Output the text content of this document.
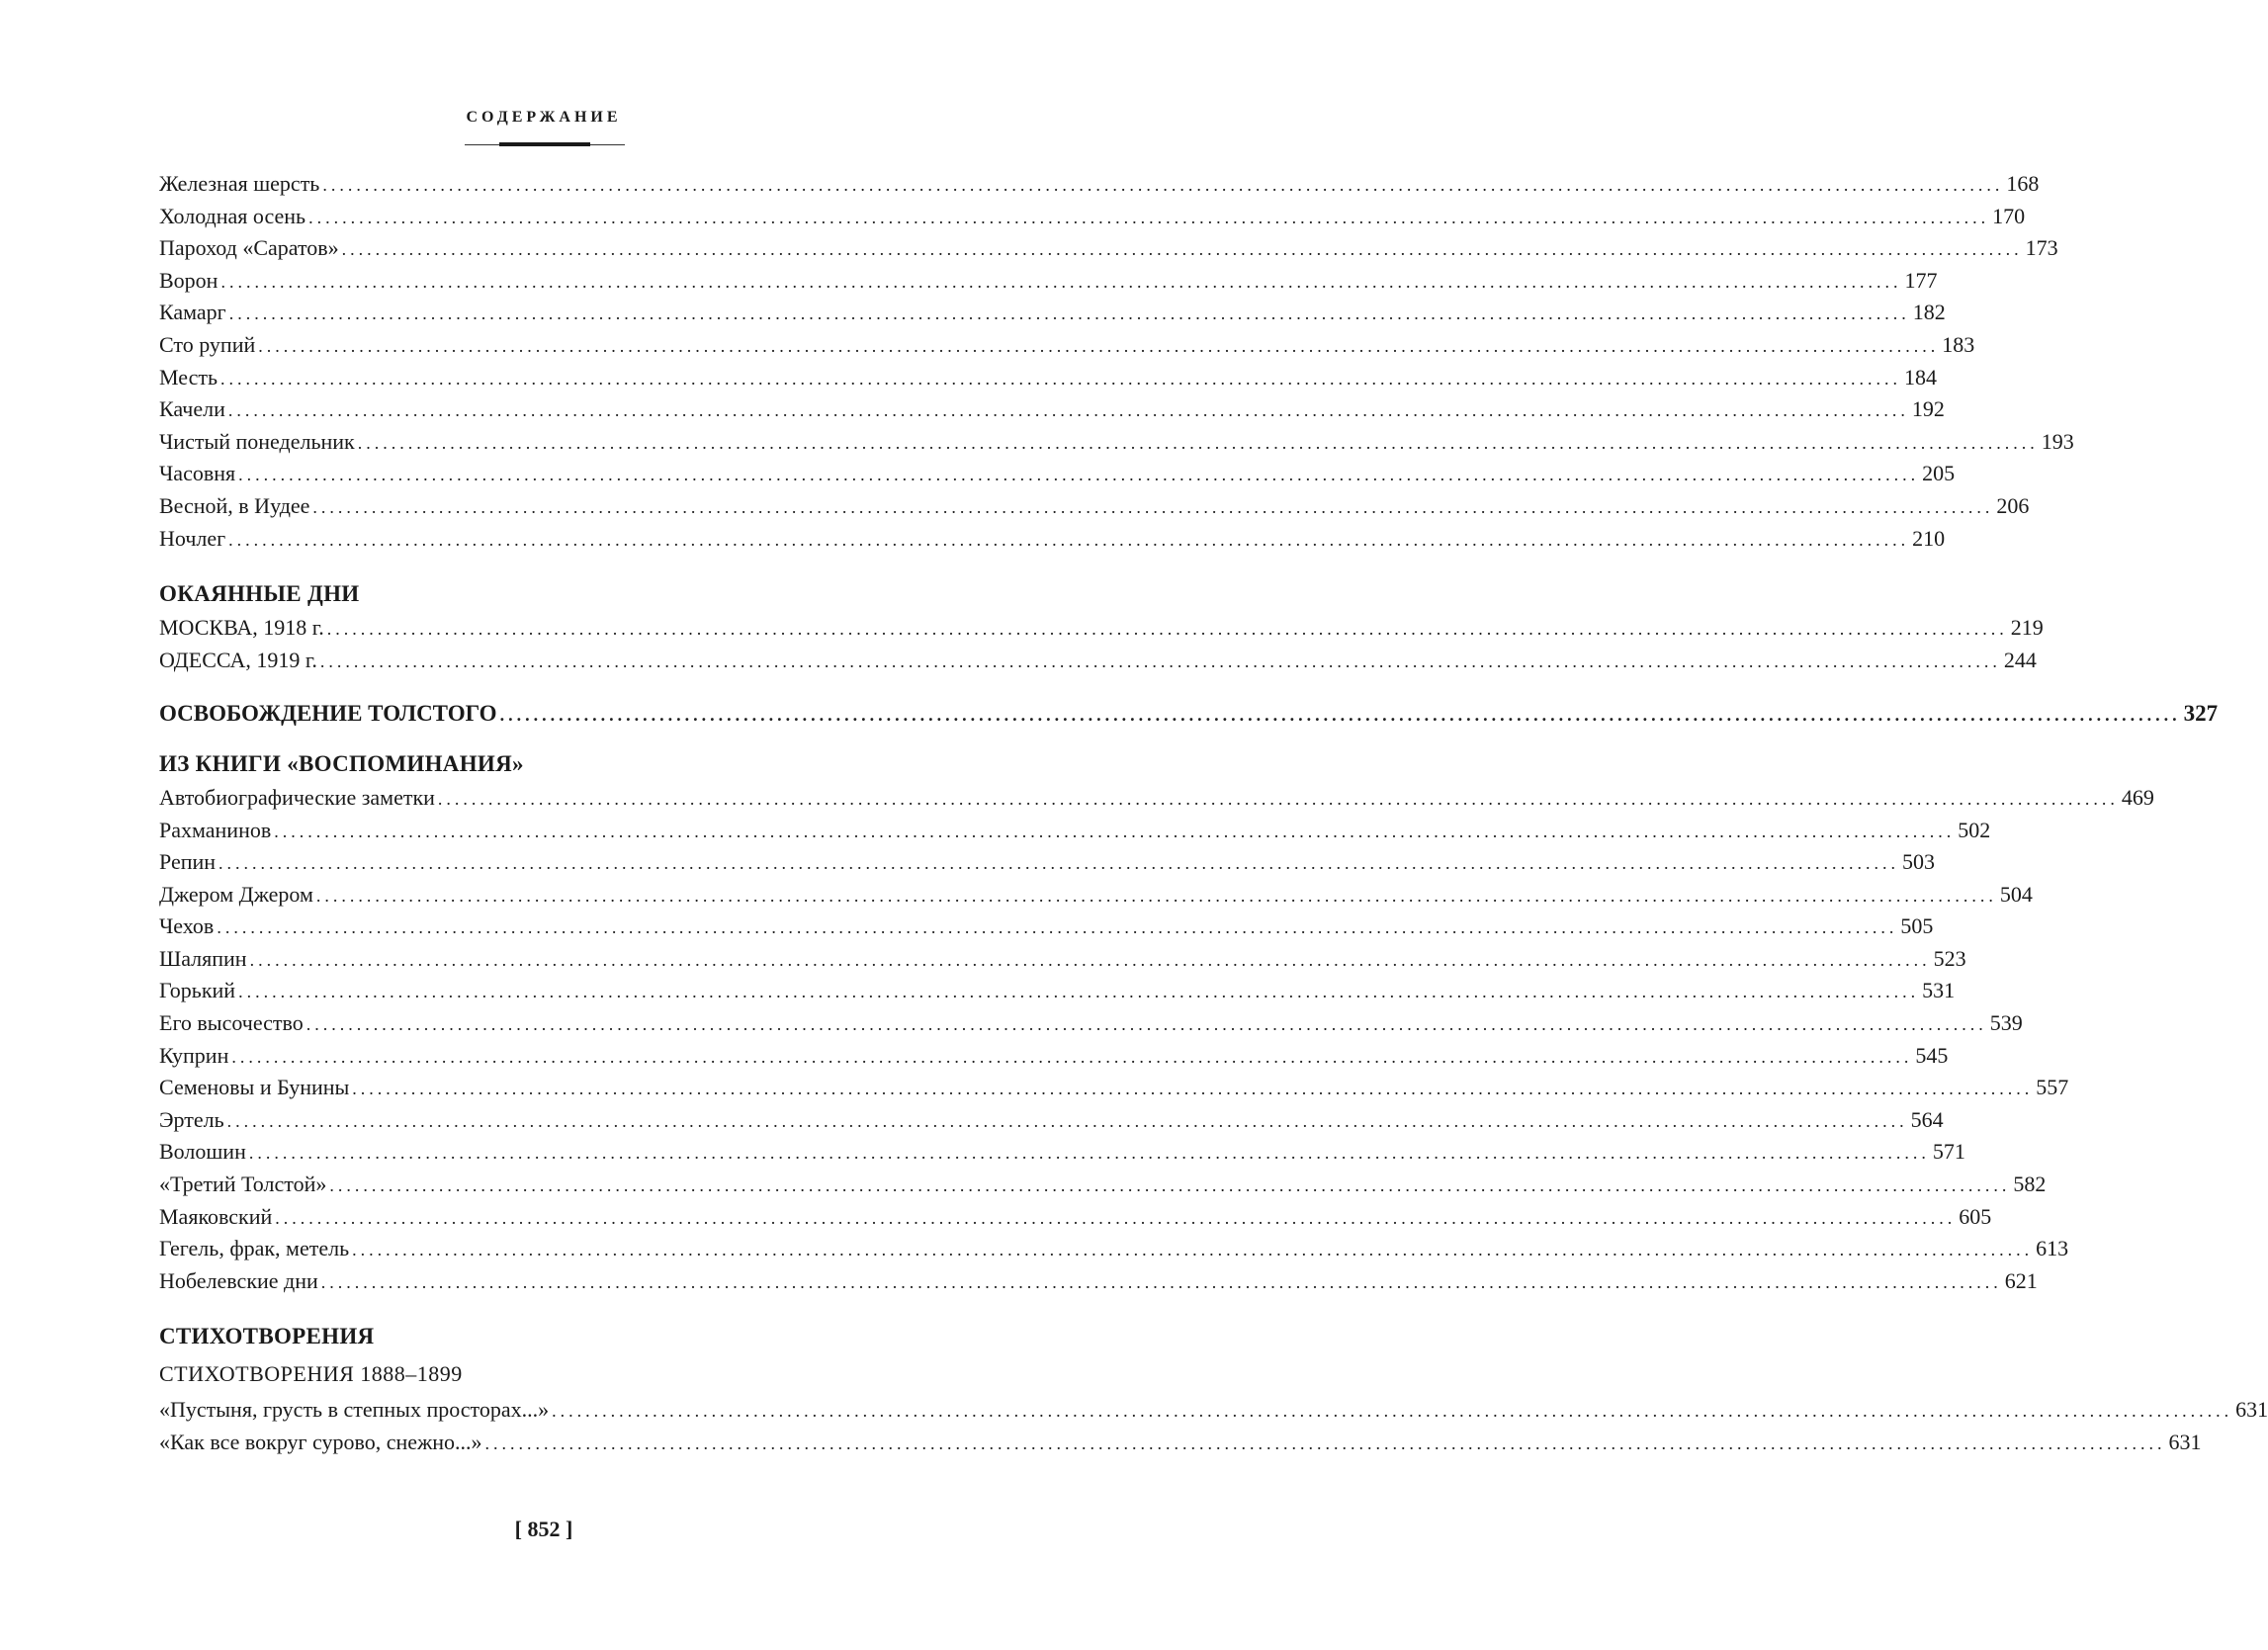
СОДЕРЖАНИЕ
Железная шерсть ........................................................................................................................................................................................................ 168
Холодная осень ........................................................................................................................................................................................................ 170
Пароход «Саратов» ........................................................................................................................................................................................................ 173
Ворон ........................................................................................................................................................................................................ 177
Камарг ........................................................................................................................................................................................................ 182
Сто рупий ........................................................................................................................................................................................................ 183
Месть ........................................................................................................................................................................................................ 184
Качели ........................................................................................................................................................................................................ 192
Чистый понедельник ........................................................................................................................................................................................................ 193
Часовня ........................................................................................................................................................................................................ 205
Весной, в Иудее ........................................................................................................................................................................................................ 206
Ночлег ........................................................................................................................................................................................................ 210
ОКАЯННЫЕ ДНИ
МОСКВА, 1918 г. ........................................................................................................................................................................................................ 219
ОДЕССА, 1919 г. ........................................................................................................................................................................................................ 244
ОСВОБОЖДЕНИЕ ТОЛСТОГО ........................................................................................................................................................................................................ 327
ИЗ КНИГИ «ВОСПОМИНАНИЯ»
Автобиографические заметки ........................................................................................................................................................................................................ 469
Рахманинов ........................................................................................................................................................................................................ 502
Репин ........................................................................................................................................................................................................ 503
Джером Джером ........................................................................................................................................................................................................ 504
Чехов ........................................................................................................................................................................................................ 505
Шаляпин ........................................................................................................................................................................................................ 523
Горький ........................................................................................................................................................................................................ 531
Его высочество ........................................................................................................................................................................................................ 539
Куприн ........................................................................................................................................................................................................ 545
Семеновы и Бунины ........................................................................................................................................................................................................ 557
Эртель ........................................................................................................................................................................................................ 564
Волошин ........................................................................................................................................................................................................ 571
«Третий Толстой» ........................................................................................................................................................................................................ 582
Маяковский ........................................................................................................................................................................................................ 605
Гегель, фрак, метель ........................................................................................................................................................................................................ 613
Нобелевские дни ........................................................................................................................................................................................................ 621
СТИХОТВОРЕНИЯ
СТИХОТВОРЕНИЯ 1888–1899
«Пустыня, грусть в степных просторах...» ........................................................................................................................................................................................................ 631
«Как все вокруг сурово, снежно...» ........................................................................................................................................................................................................ 631
[ 852 ]
